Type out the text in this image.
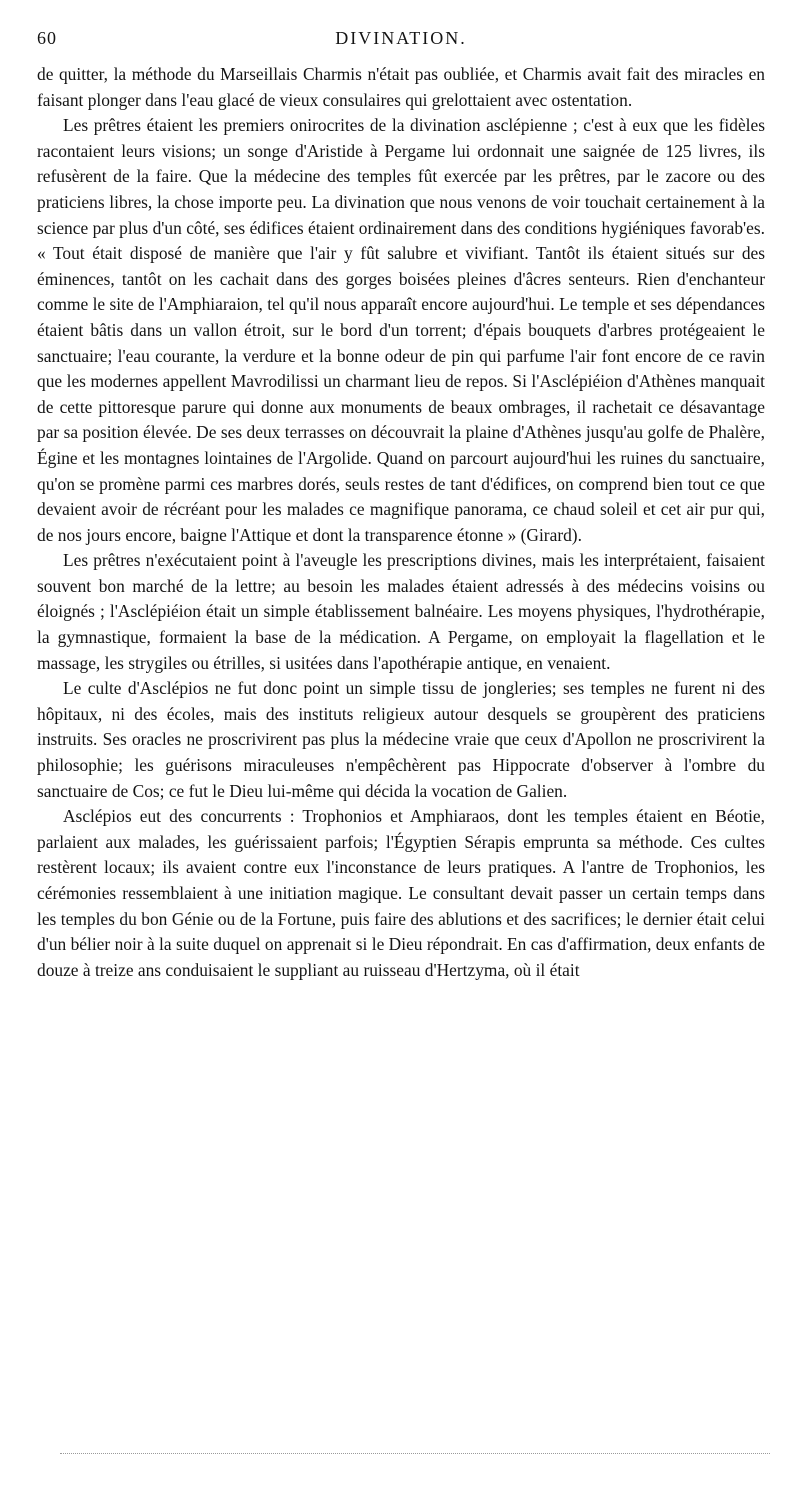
60	DIVINATION.

de quitter, la méthode du Marseillais Charmis n'était pas oubliée, et Charmis avait fait des miracles en faisant plonger dans l'eau glacé de vieux consulaires qui grelottaient avec ostentation.

Les prêtres étaient les premiers onirocrites de la divination asclépienne ; c'est à eux que les fidèles racontaient leurs visions; un songe d'Aristide à Pergame lui ordonnait une saignée de 125 livres, ils refusèrent de la faire. Que la médecine des temples fût exercée par les prêtres, par le zacore ou des praticiens libres, la chose importe peu. La divination que nous venons de voir touchait certainement à la science par plus d'un côté, ses édifices étaient ordinairement dans des conditions hygiéniques favorab'es. « Tout était disposé de manière que l'air y fût salubre et vivifiant. Tantôt ils étaient situés sur des éminences, tantôt on les cachait dans des gorges boisées pleines d'âcres senteurs. Rien d'enchanteur comme le site de l'Amphiaraion, tel qu'il nous apparaît encore aujourd'hui. Le temple et ses dépendances étaient bâtis dans un vallon étroit, sur le bord d'un torrent; d'épais bouquets d'arbres protégeaient le sanctuaire; l'eau courante, la verdure et la bonne odeur de pin qui parfume l'air font encore de ce ravin que les modernes appellent Mavrodilissi un charmant lieu de repos. Si l'Asclépiéion d'Athènes manquait de cette pittoresque parure qui donne aux monuments de beaux ombrages, il rachetait ce désavantage par sa position élevée. De ses deux terrasses on découvrait la plaine d'Athènes jusqu'au golfe de Phalère, Égine et les montagnes lointaines de l'Argolide. Quand on parcourt aujourd'hui les ruines du sanctuaire, qu'on se promène parmi ces marbres dorés, seuls restes de tant d'édifices, on comprend bien tout ce que devaient avoir de récréant pour les malades ce magnifique panorama, ce chaud soleil et cet air pur qui, de nos jours encore, baigne l'Attique et dont la transparence étonne » (Girard).

Les prêtres n'exécutaient point à l'aveugle les prescriptions divines, mais les interprétaient, faisaient souvent bon marché de la lettre; au besoin les malades étaient adressés à des médecins voisins ou éloignés ; l'Asclépiéion était un simple établissement balnéaire. Les moyens physiques, l'hydrothérapie, la gymnastique, formaient la base de la médication. A Pergame, on employait la flagellation et le massage, les strygiles ou étrilles, si usitées dans l'apothérapie antique, en venaient.

Le culte d'Asclépios ne fut donc point un simple tissu de jongleries; ses temples ne furent ni des hôpitaux, ni des écoles, mais des instituts religieux autour desquels se groupèrent des praticiens instruits. Ses oracles ne proscrivirent pas plus la médecine vraie que ceux d'Apollon ne proscrivirent la philosophie; les guérisons miraculeuses n'empêchèrent pas Hippocrate d'observer à l'ombre du sanctuaire de Cos; ce fut le Dieu lui-même qui décida la vocation de Galien.

Asclépios eut des concurrents : Trophonios et Amphiaraos, dont les temples étaient en Béotie, parlaient aux malades, les guérissaient parfois; l'Égyptien Sérapis emprunta sa méthode. Ces cultes restèrent locaux; ils avaient contre eux l'inconstance de leurs pratiques. A l'antre de Trophonios, les cérémonies ressemblaient à une initiation magique. Le consultant devait passer un certain temps dans les temples du bon Génie ou de la Fortune, puis faire des ablutions et des sacrifices; le dernier était celui d'un bélier noir à la suite duquel on apprenait si le Dieu répondrait. En cas d'affirmation, deux enfants de douze à treize ans conduisaient le suppliant au ruisseau d'Hertzyma, où il était
